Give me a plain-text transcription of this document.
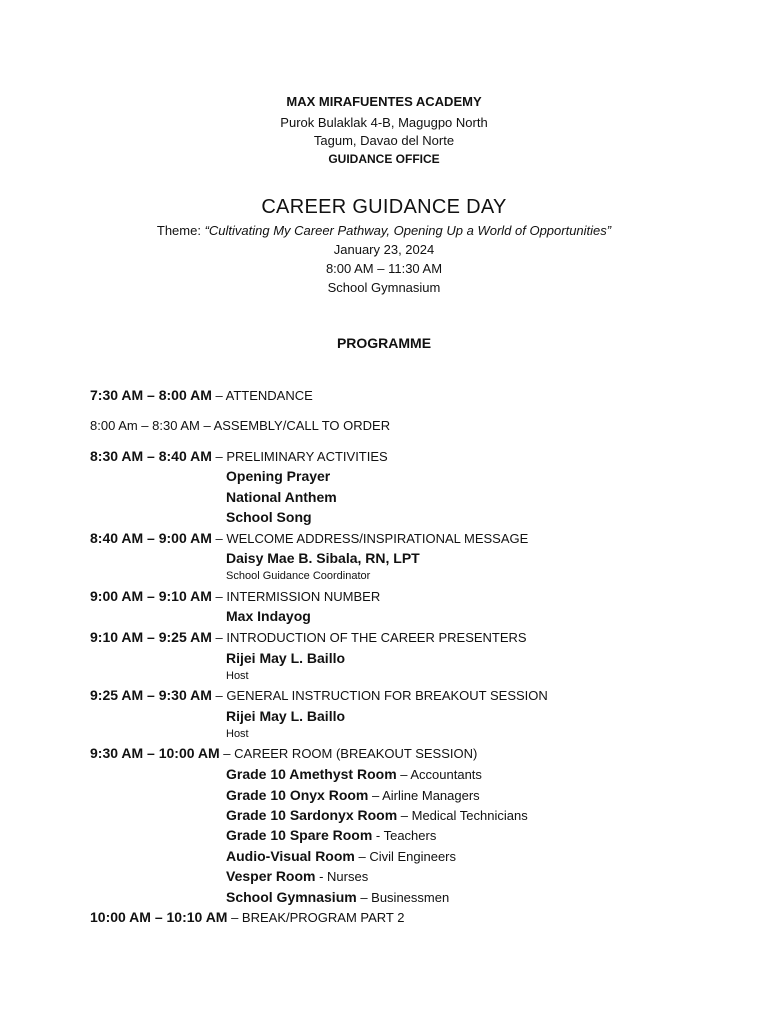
MAX MIRAFUENTES ACADEMY
Purok Bulaklak 4-B, Magugpo North
Tagum, Davao del Norte
GUIDANCE OFFICE
CAREER GUIDANCE DAY
Theme: “Cultivating My Career Pathway, Opening Up a World of Opportunities”
January 23, 2024
8:00 AM – 11:30 AM
School Gymnasium
PROGRAMME
7:30 AM – 8:00 AM – ATTENDANCE
8:00 Am – 8:30 AM – ASSEMBLY/CALL TO ORDER
8:30 AM – 8:40 AM – PRELIMINARY ACTIVITIES
Opening Prayer
National Anthem
School Song
8:40 AM – 9:00 AM – WELCOME ADDRESS/INSPIRATIONAL MESSAGE
Daisy Mae B. Sibala, RN, LPT
School Guidance Coordinator
9:00 AM – 9:10 AM – INTERMISSION NUMBER
Max Indayog
9:10 AM – 9:25 AM – INTRODUCTION OF THE CAREER PRESENTERS
Rijei May L. Baillo
Host
9:25 AM – 9:30 AM – GENERAL INSTRUCTION FOR BREAKOUT SESSION
Rijei May L. Baillo
Host
9:30 AM – 10:00 AM – CAREER ROOM (BREAKOUT SESSION)
Grade 10 Amethyst Room – Accountants
Grade 10 Onyx Room – Airline Managers
Grade 10 Sardonyx Room – Medical Technicians
Grade 10 Spare Room - Teachers
Audio-Visual Room – Civil Engineers
Vesper Room - Nurses
School Gymnasium – Businessmen
10:00 AM – 10:10 AM – BREAK/PROGRAM PART 2
